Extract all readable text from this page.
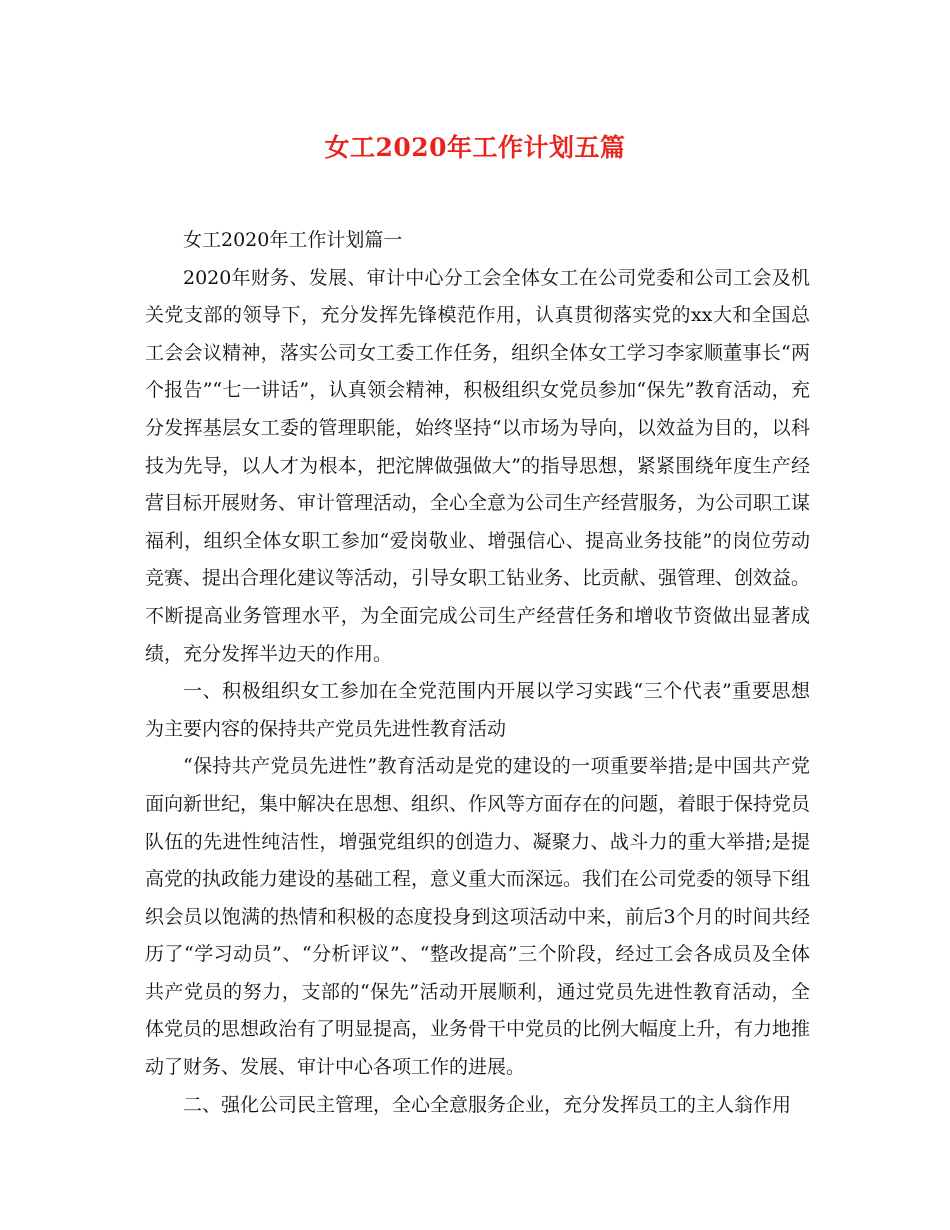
女工2020年工作计划五篇

女工2020年工作计划篇一

2020年财务、发展、审计中心分工会全体女工在公司党委和公司工会及机关党支部的领导下，充分发挥先锋模范作用，认真贯彻落实党的xx大和全国总工会会议精神，落实公司女工委工作任务，组织全体女工学习李家顺董事长“两个报告”“七一讲话”，认真领会精神，积极组织女党员参加“保先”教育活动，充分发挥基层女工委的管理职能，始终坚持“以市场为导向，以效益为目的，以科技为先导，以人才为根本，把沱牌做强做大”的指导思想，紧紧围绕年度生产经营目标开展财务、审计管理活动，全心全意为公司生产经营服务，为公司职工谋福利，组织全体女职工参加“爱岗敬业、增强信心、提高业务技能”的岗位劳动竞赛、提出合理化建议等活动，引导女职工钻业务、比贡献、强管理、创效益。不断提高业务管理水平，为全面完成公司生产经营任务和增收节资做出显著成绩，充分发挥半边天的作用。

一、积极组织女工参加在全党范围内开展以学习实践“三个代表”重要思想为主要内容的保持共产党员先进性教育活动

“保持共产党员先进性”教育活动是党的建设的一项重要举措;是中国共产党面向新世纪，集中解决在思想、组织、作风等方面存在的问题，着眼于保持党员队伍的先进性纯洁性，增强党组织的创造力、凝聚力、战斗力的重大举措;是提高党的执政能力建设的基础工程，意义重大而深远。我们在公司党委的领导下组织会员以饱满的热情和积极的态度投身到这项活动中来，前后3个月的时间共经历了“学习动员”、“分析评议”、“整改提高”三个阶段，经过工会各成员及全体共产党员的努力，支部的“保先”活动开展顺利，通过党员先进性教育活动，全体党员的思想政治有了明显提高，业务骨干中党员的比例大幅度上升，有力地推动了财务、发展、审计中心各项工作的进展。

二、强化公司民主管理，全心全意服务企业，充分发挥员工的主人翁作用
